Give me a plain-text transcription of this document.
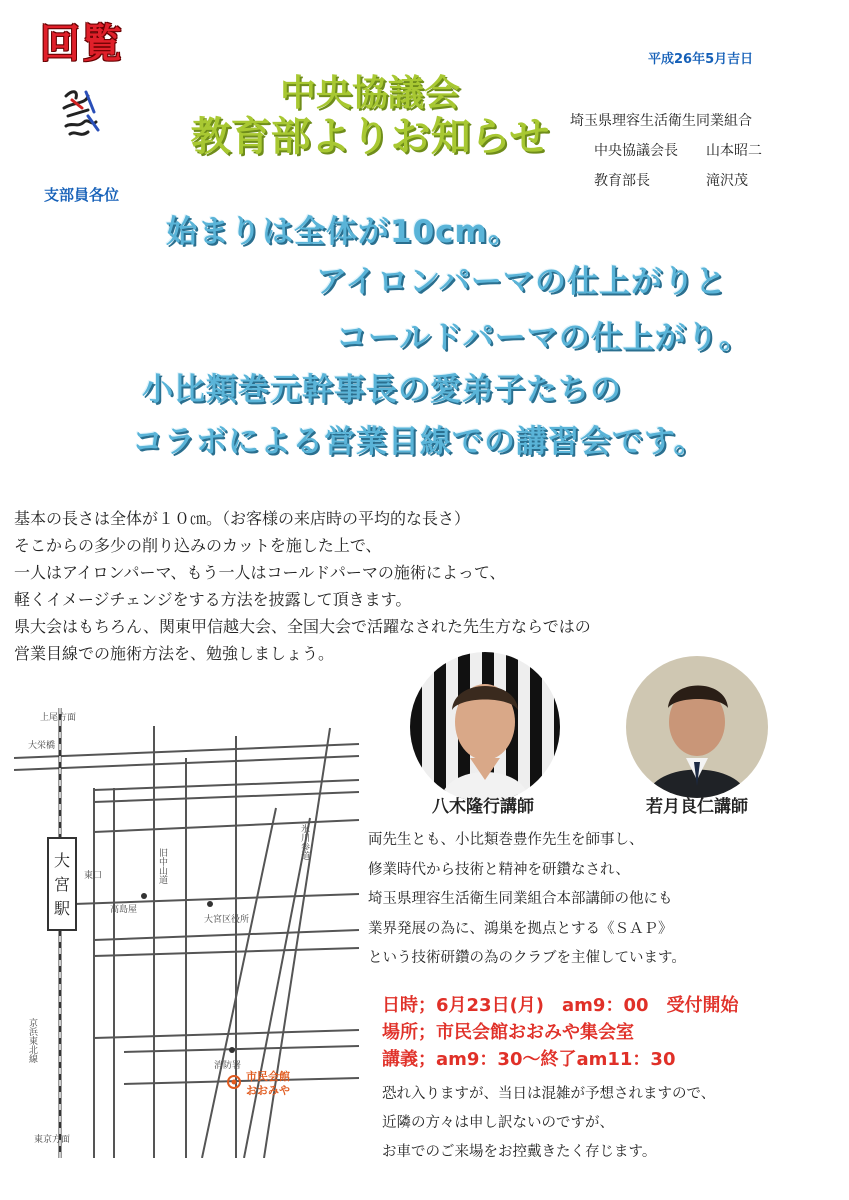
回覧	平成26年5月吉日
中央協議会
教育部よりお知らせ	埼玉県理容生活衛生同業組合
中央協議会長 山本昭二
教育部長	滝沢茂
支部員各位
始まりは全体が10cm。
アイロンパーマの仕上がりと
コールドパーマの仕上がり。
小比類巻元幹事長の愛弟子たちの
コラボによる営業目線での講習会です。
基本の長さは全体が１０㎝。（お客様の来店時の平均的な長さ）
そこからの多少の削り込みのカットを施した上で、
一人はアイロンパーマ、もう一人はコールドパーマの施術によって、
軽くイメージチェンジをする方法を披露して頂きます。
県大会はもちろん、関東甲信越大会、全国大会で活躍なされた先生方ならではの
営業目線での施術方法を、勉強しましょう。
八木隆行講師	若月良仁講師
両先生とも、小比類巻豊作先生を師事し、
修業時代から技術と精神を研鑽なされ、
埼玉県理容生活衛生同業組合本部講師の他にも
業界発展の為に、鴻巣を拠点とする《ＳＡＰ》
という技術研鑽の為のクラブを主催しています。
日時；6月23日(月)　am9：00　受付開始
場所；市民会館おおみや集会室
講義；am9：30～終了am11：30
恐れ入りますが、当日は混雑が予想されますので、
近隣の方々は申し訳ないのですが、
お車でのご来場をお控戴きたく存じます。
大
宮
駅
上尾方面
大栄橋
東口	旧中山道
氷川参道
高島屋
大宮区役所
消防署
市民会館
おおみや
京浜東北線
東京方面
